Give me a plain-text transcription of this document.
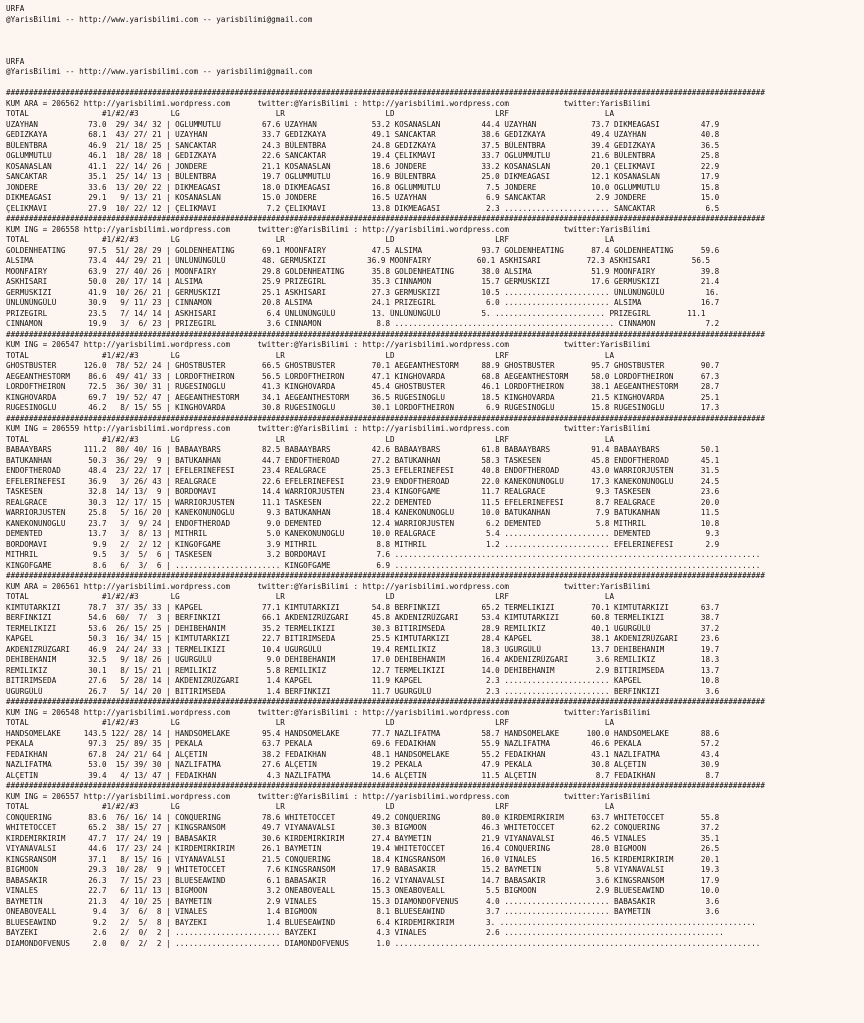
URFA
@YarisBilimi -- http://www.yarisbilimi.com -- yarisbilimi@gmail.com

URFA
@YarisBilimi -- http://www.yarisbilimi.com -- yarisbilimi@gmail.com

######################################################################################################################################################################
KUM ARA = 206562 http://yarisbilimi.wordpress.com      twitter:@YarisBilimi : http://yarisbilimi.wordpress.com            twitter:YarisBilimi
TOTAL                #1/#2/#3       LG                     LR                      LD                      LRF                     LA
UZAYHAN           73.0  29/ 34/ 32 | OGLUMMUTLU         67.6 UZAYHAN            53.2 KOSANASLAN         44.4 UZAYHAN            73.7 DIKMEAGASI         47.9
GEDIZKAYA         68.1  43/ 27/ 21 | UZAYHAN            33.7 GEDIZKAYA          49.1 SANCAKTAR          38.6 GEDIZKAYA          49.4 UZAYHAN            40.8
BÜLENTBRA         46.9  21/ 18/ 25 | SANCAKTAR          24.3 BÜLENTBRA          24.8 GEDIZKAYA          37.5 BÜLENTBRA          39.4 GEDIZKAYA          36.5
OGLUMMUTLU        46.1  18/ 28/ 18 | GEDIZKAYA          22.6 SANCAKTAR          19.4 ÇELIKMAVI          33.7 OGLUMMUTLU         21.6 BÜLENTBRA          25.8
KOSANASLAN        41.1  22/ 14/ 26 | JONDERE            21.1 KOSANASLAN         18.6 JONDERE            33.2 KOSANASLAN         20.1 ÇELIKMAVI          22.9
SANCAKTAR         35.1  25/ 14/ 13 | BÜLENTBRA          19.7 OGLUMMUTLU         16.9 BÜLENTBRA          25.0 DIKMEAGASI         12.1 KOSANASLAN         17.9
JONDERE           33.6  13/ 20/ 22 | DIKMEAGASI         18.0 DIKMEAGASI         16.8 OGLUMMUTLU          7.5 JONDERE            10.0 OGLUMMUTLU         15.8
DIKMEAGASI        29.1   9/ 13/ 21 | KOSANASLAN         15.0 JONDERE            16.5 UZAYHAN             6.9 SANCAKTAR           2.9 JONDERE            15.0
ÇELIKMAVI         27.9  10/ 22/ 12 | ÇELIKMAVI           7.2 ÇELIKMAVI          13.8 DIKMEAGASI          2.3 ....................... SANCAKTAR           6.5
######################################################################################################################################################################
KUM ING = 206558 http://yarisbilimi.wordpress.com      twitter:@YarisBilimi : http://yarisbilimi.wordpress.com            twitter:YarisBilimi
TOTAL                #1/#2/#3       LG                     LR                      LD                      LRF                     LA
GOLDENHEATING     97.5  51/ 28/ 29 | GOLDENHEATING      69.1 MOONFAIRY          47.5 ALSIMA             93.7 GOLDENHEATING      87.4 GOLDENHEATING      59.6
ALSIMA            73.4  44/ 29/ 21 | ÜNLÜNÜNGÜLÜ        48. GERMUSKIZI         36.9 MOONFAIRY          60.1 ASKHISARI          72.3 ASKHISARI         56.5
MOONFAIRY         63.9  27/ 40/ 26 | MOONFAIRY          29.8 GOLDENHEATING      35.8 GOLDENHEATING      38.0 ALSIMA             51.9 MOONFAIRY          39.8
ASKHISARI         50.0  20/ 17/ 14 | ALSIMA             25.9 PRIZEGIRL          35.3 CINNAMON           15.7 GERMUSKIZI         17.6 GERMUSKIZI         21.4
GERMUSKIZI        41.9  10/ 26/ 21 | GERMUSKIZI         25.1 ASKHISARI          27.3 GERMUSKIZI         10.5 ....................... ÜNLÜNÜNGÜLÜ         16.
ÜNLÜNÜNGÜLÜ       30.9   9/ 11/ 23 | CINNAMON           20.8 ALSIMA             24.1 PRIZEGIRL           6.0 ....................... ALSIMA             16.7
PRIZEGIRL         23.5   7/ 14/ 14 | ASKHISARI           6.4 ÜNLÜNÜNGÜLÜ        13. ÜNLÜNÜNGÜLÜ         5. ........................ PRIZEGIRL        11.1
CINNAMON          19.9   3/  6/ 23 | PRIZEGIRL           3.6 CINNAMON            8.8 ................................................ CINNAMON           7.2
######################################################################################################################################################################
KUM ING = 206547 http://yarisbilimi.wordpress.com      twitter:@YarisBilimi : http://yarisbilimi.wordpress.com            twitter:YarisBilimi
TOTAL                #1/#2/#3       LG                     LR                      LD                      LRF                     LA
GHOSTBUSTER      126.0  78/ 52/ 24 | GHOSTBUSTER        66.5 GHOSTBUSTER        70.1 AEGEANTHESTORM     88.9 GHOSTBUSTER        95.7 GHOSTBUSTER        90.7
AEGEANTHESTORM    86.6  49/ 41/ 33 | LORDOFTHEIRON      56.5 LORDOFTHEIRON      47.1 KINGHOVARDA        68.8 AEGEANTHESTORM     58.0 LORDOFTHEIRON      67.3
LORDOFTHEIRON     72.5  36/ 30/ 31 | RUGESINOGLU        41.3 KINGHOVARDA        45.4 GHOSTBUSTER        46.1 LORDOFTHEIRON      38.1 AEGEANTHESTORM     28.7
KINGHOVARDA       69.7  19/ 52/ 47 | AEGEANTHESTORM     34.1 AEGEANTHESTORM     36.5 RUGESINOGLU        18.5 KINGHOVARDA        21.5 KINGHOVARDA        25.1
RUGESINOGLU       46.2   8/ 15/ 55 | KINGHOVARDA        30.8 RUGESINOGLU        30.1 LORDOFTHEIRON       6.9 RUGESINOGLU        15.8 RUGESINOGLU        17.3
######################################################################################################################################################################
KUM ING = 206559 http://yarisbilimi.wordpress.com      twitter:@YarisBilimi : http://yarisbilimi.wordpress.com            twitter:YarisBilimi
TOTAL                #1/#2/#3       LG                     LR                      LD                      LRF                     LA
BABAAYBARS       111.2  80/ 40/ 16 | BABAAYBARS         82.5 BABAAYBARS         42.6 BABAAYBARS         61.8 BABAAYBARS         91.4 BABAAYBARS         50.1
BATUKANHAN        50.3  36/ 29/  9 | BATUKANHAN         44.7 ENDOFTHEROAD       27.2 BATUKANHAN         58.3 TASKESEN           45.8 ENDOFTHEROAD       45.1
ENDOFTHEROAD      48.4  23/ 22/ 17 | EFELERINEFESI      23.4 REALGRACE          25.3 EFELERINEFESI      40.8 ENDOFTHEROAD       43.0 WARRIORJUSTEN      31.5
EFELERINEFESI     36.9   3/ 26/ 43 | REALGRACE          22.6 EFELERINEFESI      23.9 ENDOFTHEROAD       22.0 KANEKONUNOGLU      17.3 KANEKONUNOGLU      24.5
TASKESEN          32.8  14/ 13/  9 | BORDOMAVI          14.4 WARRIORJUSTEN      23.4 KINGOFGAME         11.7 REALGRACE           9.3 TASKESEN           23.6
REALGRACE         30.3  12/ 17/ 15 | WARRIORJUSTEN      11.1 TASKESEN           22.2 DEMENTED           11.5 EFELERINEFESI       8.7 REALGRACE          20.0
WARRIORJUSTEN     25.8   5/ 16/ 20 | KANEKONUNOGLU       9.3 BATUKANHAN         18.4 KANEKONUNOGLU      10.0 BATUKANHAN          7.9 BATUKANHAN         11.5
KANEKONUNOGLU     23.7   3/  9/ 24 | ENDOFTHEROAD        9.0 DEMENTED           12.4 WARRIORJUSTEN       6.2 DEMENTED            5.8 MITHRIL            10.8
DEMENTED          13.7   3/  8/ 13 | MITHRIL             5.0 KANEKONUNOGLU      10.0 REALGRACE           5.4 ....................... DEMENTED            9.3
BORDOMAVI          9.9   2/  2/ 12 | KINGOFGAME          3.9 MITHRIL             8.8 MITHRIL             1.2 ....................... EFELERINEFESI       2.9
MITHRIL            9.5   3/  5/  6 | TASKESEN            3.2 BORDOMAVI           7.6 ................................................................................
KINGOFGAME         8.6   6/  3/  6 | ....................... KINGOFGAME          6.9 ................................................................................
######################################################################################################################################################################
KUM ARA = 206561 http://yarisbilimi.wordpress.com      twitter:@YarisBilimi : http://yarisbilimi.wordpress.com            twitter:YarisBilimi
TOTAL                #1/#2/#3       LG                     LR                      LD                      LRF                     LA
KIMTUTARKIZI      78.7  37/ 35/ 33 | KAPGEL             77.1 KIMTUTARKIZI       54.8 BERFINKIZI         65.2 TERMELIKIZI        70.1 KIMTUTARKIZI       63.7
BERFINKIZI        54.6  60/  7/  3 | BERFINKIZI         66.1 AKDENIZRÜZGARI     45.8 AKDENIZRÜZGARI     53.4 KIMTUTARKIZI       60.8 TERMELIKIZI        38.7
TERMELIKIZI       53.6  26/ 15/ 25 | DEHIBEHANIM        35.2 TERMELIKIZI        30.3 BITIRIMSEDA        28.9 REMILIKIZ          40.1 UGURGÜLÜ           37.2
KAPGEL            50.3  16/ 34/ 15 | KIMTUTARKIZI       22.7 BITIRIMSEDA        25.5 KIMTUTARKIZI       28.4 KAPGEL             38.1 AKDENIZRÜZGARI     23.6
AKDENIZRÜZGARI    46.9  24/ 24/ 33 | TERMELIKIZI        10.4 UGURGÜLÜ           19.4 REMILIKIZ          18.3 UGURGÜLÜ           13.7 DEHIBEHANIM        19.7
DEHIBEHANIM       32.5   9/ 18/ 26 | UGURGÜLÜ            9.0 DEHIBEHANIM        17.0 DEHIBEHANIM        16.4 AKDENIZRÜZGARI      3.6 REMILIKIZ          18.3
REMILIKIZ         30.1   8/ 15/ 21 | REMILIKIZ           5.8 REMILIKIZ          12.7 TERMELIKIZI        14.0 DEHIBEHANIM         2.9 BITIRIMSEDA        13.7
BITIRIMSEDA       27.6   5/ 28/ 14 | AKDENIZRÜZGARI      1.4 KAPGEL             11.9 KAPGEL              2.3 ....................... KAPGEL             10.8
UGURGÜLÜ          26.7   5/ 14/ 20 | BITIRIMSEDA         1.4 BERFINKIZI         11.7 UGURGÜLÜ            2.3 ....................... BERFINKIZI          3.6
######################################################################################################################################################################
KUM ING = 206548 http://yarisbilimi.wordpress.com      twitter:@YarisBilimi : http://yarisbilimi.wordpress.com            twitter:YarisBilimi
TOTAL                #1/#2/#3       LG                     LR                      LD                      LRF                     LA
HANDSOMELAKE     143.5 122/ 28/ 14 | HANDSOMELAKE       95.4 HANDSOMELAKE       77.7 NAZLIFATMA         58.7 HANDSOMELAKE      100.0 HANDSOMELAKE       88.6
PEKALA            97.3  25/ 89/ 35 | PEKALA             63.7 PEKALA             69.6 FEDAIKHAN          55.9 NAZLIFATMA         46.6 PEKALA             57.2
FEDAIKHAN         67.8  24/ 21/ 64 | ALÇETIN            38.2 FEDAIKHAN          48.1 HANDSOMELAKE       55.2 FEDAIKHAN          43.1 NAZLIFATMA         43.4
NAZLIFATMA        53.0  15/ 39/ 30 | NAZLIFATMA         27.6 ALÇETIN            19.2 PEKALA             47.9 PEKALA             30.8 ALÇETIN            30.9
ALÇETIN           39.4   4/ 13/ 47 | FEDAIKHAN           4.3 NAZLIFATMA         14.6 ALÇETIN            11.5 ALÇETIN             8.7 FEDAIKHAN           8.7
######################################################################################################################################################################
KUM ING = 206557 http://yarisbilimi.wordpress.com      twitter:@YarisBilimi : http://yarisbilimi.wordpress.com            twitter:YarisBilimi
TOTAL                #1/#2/#3       LG                     LR                      LD                      LRF                     LA
CONQUERING        83.6  76/ 16/ 14 | CONQUERING         78.6 WHITETOCCET        49.2 CONQUERING         80.0 KIRDEMIRKIRIM      63.7 WHITETOCCET        55.8
WHITETOCCET       65.2  38/ 15/ 27 | KINGSRANSOM        49.7 VIYANAVALSI        30.3 BIGMOON            46.3 WHITETOCCET        62.2 CONQUERING         37.2
KIRDEMIRKIRIM     47.7  17/ 24/ 19 | BABASAKIR          30.6 KIRDEMIRKIRIM      27.4 BAYMETIN           21.9 VIYANAVALSI        46.5 VINALES            35.1
VIYANAVALSI       44.6  17/ 23/ 24 | KIRDEMIRKIRIM      26.1 BAYMETIN           19.4 WHITETOCCET        16.4 CONQUERING         28.0 BIGMOON            26.5
KINGSRANSOM       37.1   8/ 15/ 16 | VIYANAVALSI        21.5 CONQUERING         18.4 KINGSRANSOM        16.0 VINALES            16.5 KIRDEMIRKIRIM      20.1
BIGMOON           29.3  10/ 28/  9 | WHITETOCCET         7.6 KINGSRANSOM        17.9 BABASAKIR          15.2 BAYMETIN            5.8 VIYANAVALSI        19.3
BABASAKIR         26.3   7/ 15/ 23 | BLUESEAWIND         6.1 BABASAKIR          16.2 VIYANAVALSI        14.7 BABASAKIR           3.6 KINGSRANSOM        17.9
VINALES           22.7   6/ 11/ 13 | BIGMOON             3.2 ONEABOVEALL        15.3 ONEABOVEALL         5.5 BIGMOON             2.9 BLUESEAWIND        10.0
BAYMETIN          21.3   4/ 10/ 25 | BAYMETIN            2.9 VINALES            15.3 DIAMONDOFVENUS      4.0 ....................... BABASAKIR           3.6
ONEABOVEALL        9.4   3/  6/  8 | VINALES             1.4 BIGMOON             8.1 BLUESEAWIND         3.7 ....................... BAYMETIN            3.6
BLUESEAWIND        9.2   2/  5/  8 | BAYZEKI             1.4 BLUESEAWIND         6.4 KIRDEMIRKIRIM       3. ........................................................
BAYZEKI            2.6   2/  0/  2 | ....................... BAYZEKI             4.3 VINALES             2.6 ................................................
DIAMONDOFVENUS     2.0   0/  2/  2 | ....................... DIAMONDOFVENUS      1.0 ................................................................................
